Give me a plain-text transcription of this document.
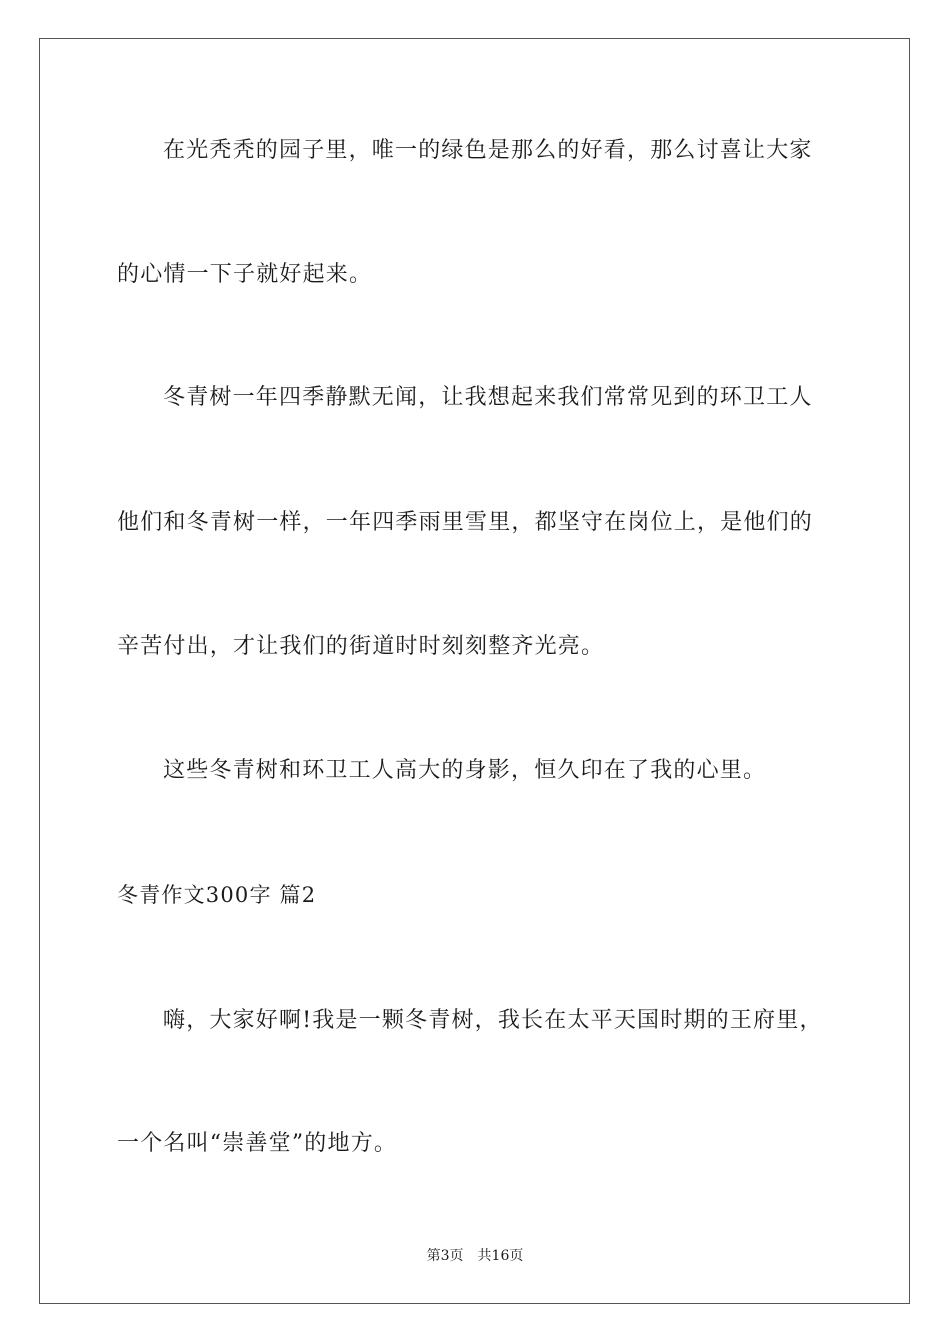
在光秃秃的园子里，唯一的绿色是那么的好看，那么讨喜让大家
的心情一下子就好起来。
冬青树一年四季静默无闻，让我想起来我们常常见到的环卫工人
他们和冬青树一样，一年四季雨里雪里，都坚守在岗位上，是他们的
辛苦付出，才让我们的街道时时刻刻整齐光亮。
这些冬青树和环卫工人高大的身影，恒久印在了我的心里。
冬青作文300字 篇2
嗨，大家好啊!我是一颗冬青树，我长在太平天国时期的王府里，
一个名叫“崇善堂”的地方。
第3页 共16页
